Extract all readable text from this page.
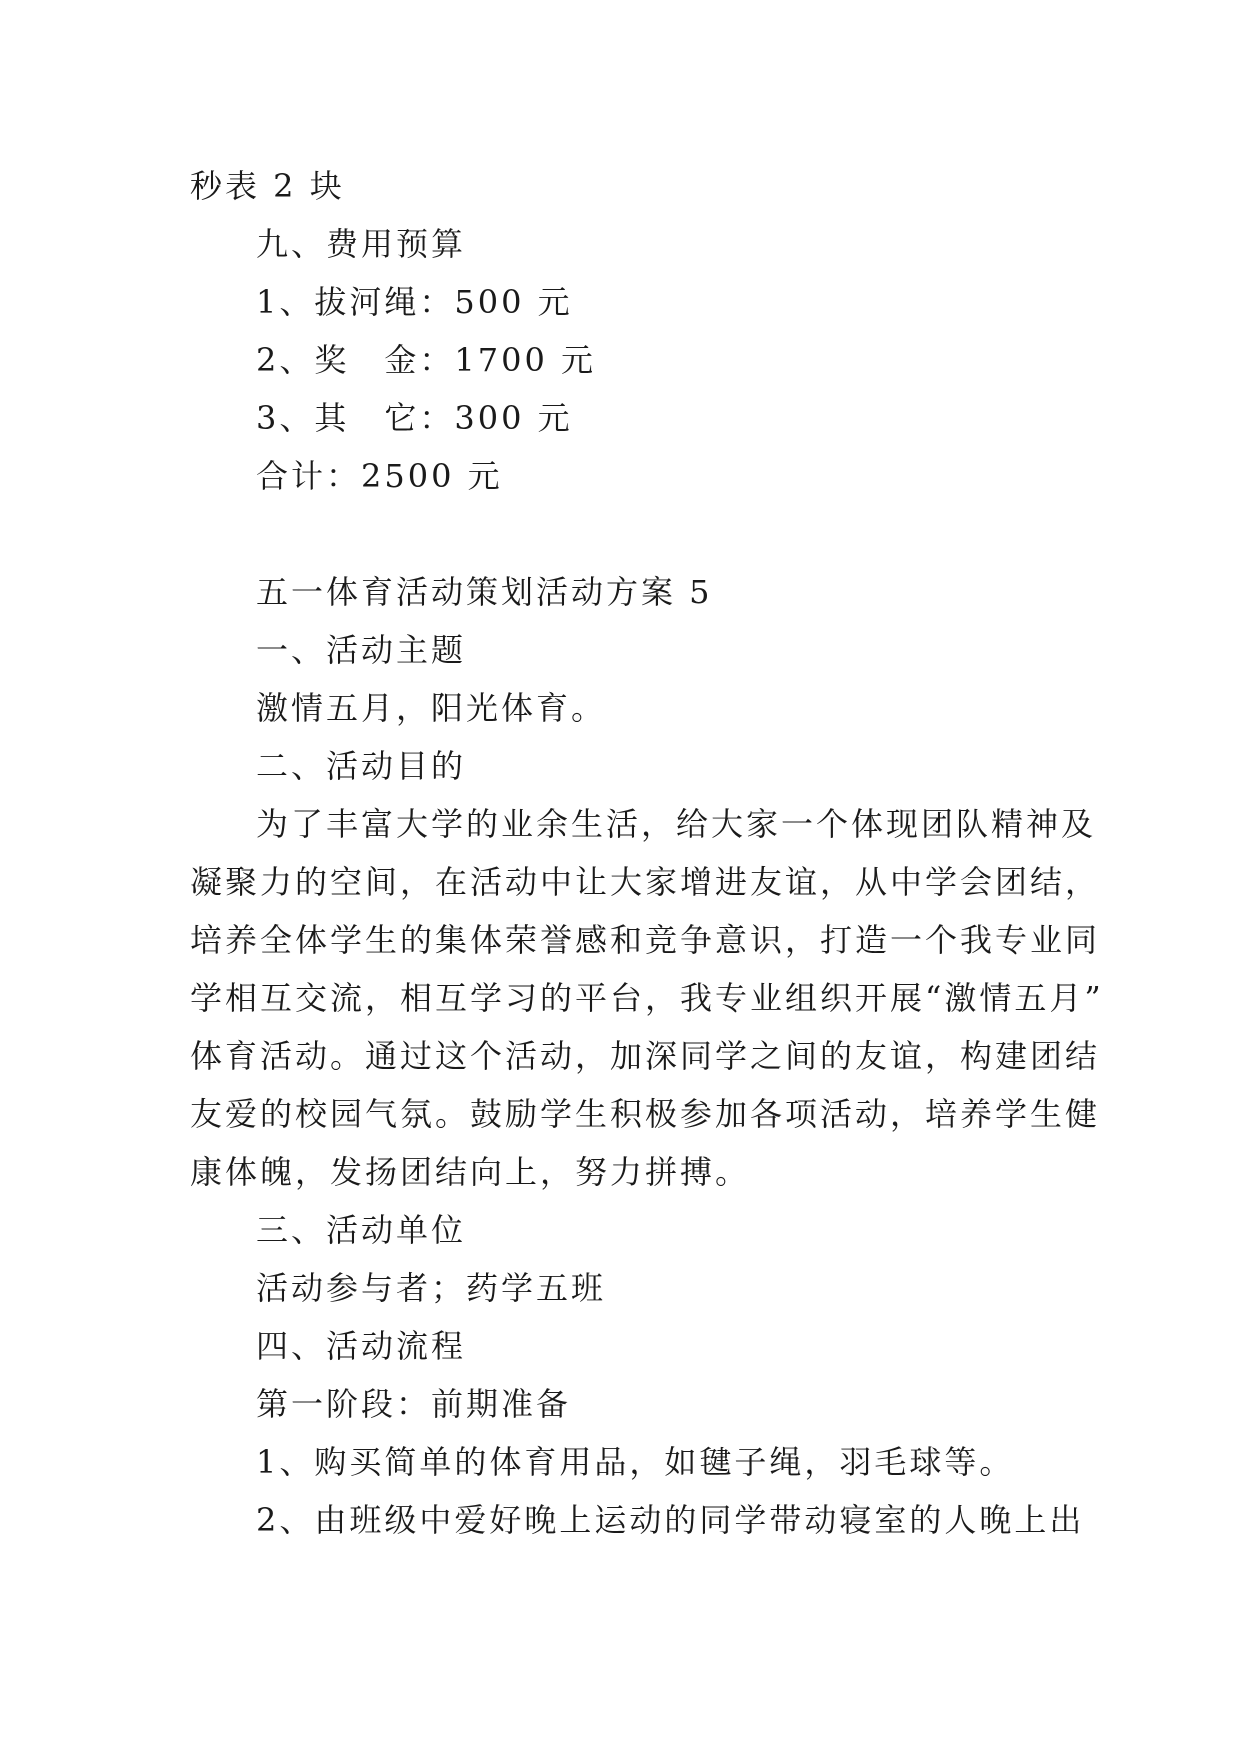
秒表 2 块
九、费用预算
1、拔河绳：500 元
2、奖　金：1700 元
3、其　它：300 元
合计：2500 元
五一体育活动策划活动方案 5
一、活动主题
激情五月，阳光体育。
二、活动目的
为了丰富大学的业余生活，给大家一个体现团队精神及
凝聚力的空间，在活动中让大家增进友谊，从中学会团结，
培养全体学生的集体荣誉感和竞争意识，打造一个我专业同
学相互交流，相互学习的平台，我专业组织开展“激情五月”
体育活动。通过这个活动，加深同学之间的友谊，构建团结
友爱的校园气氛。鼓励学生积极参加各项活动，培养学生健
康体魄，发扬团结向上，努力拼搏。
三、活动单位
活动参与者；药学五班
四、活动流程
第一阶段：前期准备
1、购买简单的体育用品，如毽子绳，羽毛球等。
2、由班级中爱好晚上运动的同学带动寝室的人晚上出
